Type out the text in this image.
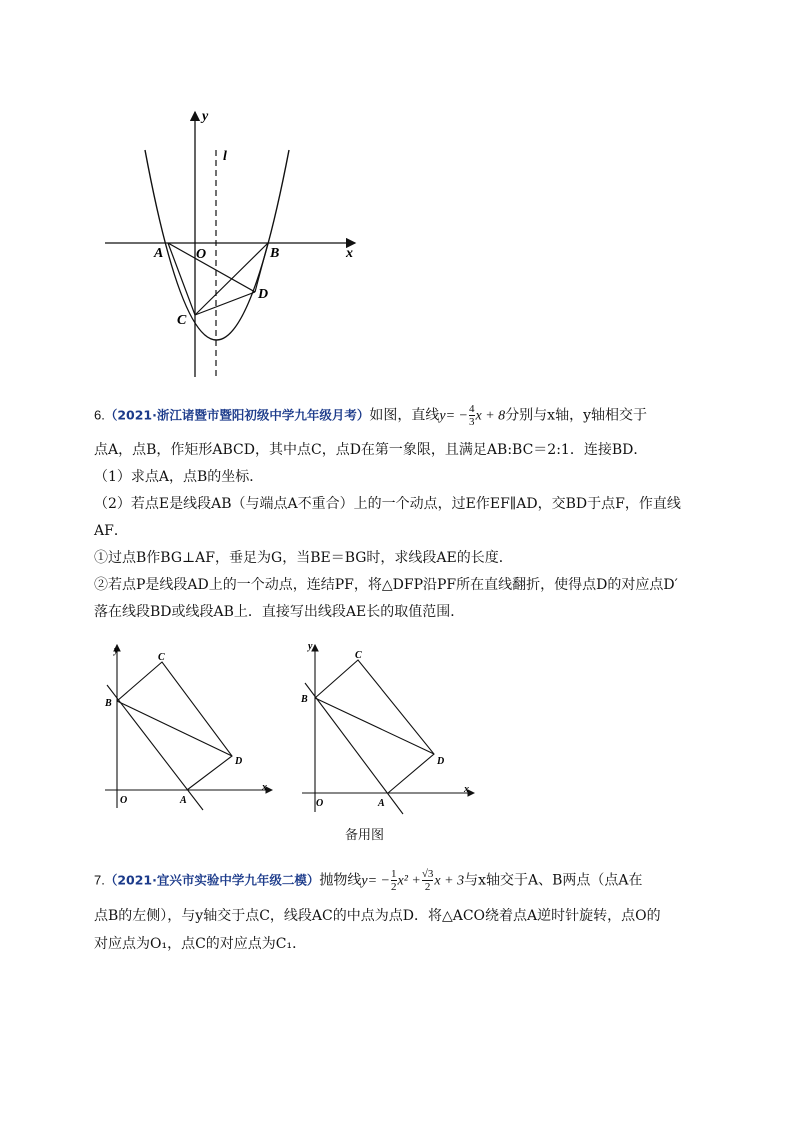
y
l
x
A O	B
C
D
6.（2021·浙江诸暨市暨阳初级中学九年级月考）如图，直线$y= - \frac{4}{3}$ x + 8分别与x轴，y轴相交于
点A，点B，作矩形ABCD，其中点C，点D在第一象限，且满足AB:BC＝2:1．连接BD．
（1）求点A，点B的坐标．
（2）若点E是线段AB（与端点A不重合）上的一个动点，过E作EF∥AD，交BD于点F，作直线
AF．
①过点B作BG⊥AF，垂足为G，当BE＝BG时，求线段AE的长度．
②若点P是线段AD上的一个动点，连结PF，将△DFP沿PF所在直线翻折，使得点D的对应点D′
落在线段BD或线段AB上．直接写出线段AE长的取值范围．
y
C
B
D
x
O	A
y
C
B
D
x
O	A
备用图
7.（2021·宜兴市实验中学九年级二模）抛物线$y= - \frac{1}{2} x^2 + \frac{√3}{2}$ x + 3与x轴交于A、B两点（点A在
点B的左侧），与y轴交于点C，线段AC的中点为点D．将△ACO绕着点A逆时针旋转，点O的
对应点为O₁，点C的对应点为C₁．
